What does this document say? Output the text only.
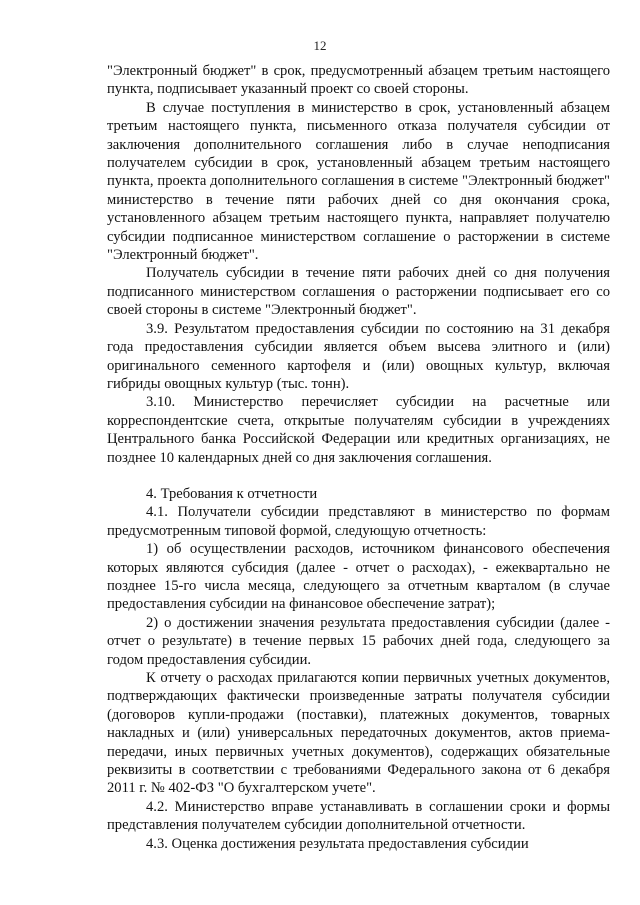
12

"Электронный бюджет" в срок, предусмотренный абзацем третьим настоящего пункта, подписывает указанный проект со своей стороны.

В случае поступления в министерство в срок, установленный абзацем третьим настоящего пункта, письменного отказа получателя субсидии от заключения дополнительного соглашения либо в случае неподписания получателем субсидии в срок, установленный абзацем третьим настоящего пункта, проекта дополнительного соглашения в системе "Электронный бюджет" министерство в течение пяти рабочих дней со дня окончания срока, установленного абзацем третьим настоящего пункта, направляет получателю субсидии подписанное министерством соглашение о расторжении в системе "Электронный бюджет".

Получатель субсидии в течение пяти рабочих дней со дня получения подписанного министерством соглашения о расторжении подписывает его со своей стороны в системе "Электронный бюджет".

3.9. Результатом предоставления субсидии по состоянию на 31 декабря года предоставления субсидии является объем высева элитного и (или) оригинального семенного картофеля и (или) овощных культур, включая гибриды овощных культур (тыс. тонн).

3.10. Министерство перечисляет субсидии на расчетные или корреспондентские счета, открытые получателям субсидии в учреждениях Центрального банка Российской Федерации или кредитных организациях, не позднее 10 календарных дней со дня заключения соглашения.

4. Требования к отчетности

4.1. Получатели субсидии представляют в министерство по формам предусмотренным типовой формой, следующую отчетность:

1) об осуществлении расходов, источником финансового обеспечения которых являются субсидия (далее - отчет о расходах), - ежеквартально не позднее 15-го числа месяца, следующего за отчетным кварталом (в случае предоставления субсидии на финансовое обеспечение затрат);

2) о достижении значения результата предоставления субсидии (далее - отчет о результате) в течение первых 15 рабочих дней года, следующего за годом предоставления субсидии.

К отчету о расходах прилагаются копии первичных учетных документов, подтверждающих фактически произведенные затраты получателя субсидии (договоров купли-продажи (поставки), платежных документов, товарных накладных и (или) универсальных передаточных документов, актов приема-передачи, иных первичных учетных документов), содержащих обязательные реквизиты в соответствии с требованиями Федерального закона от 6 декабря 2011 г. № 402-ФЗ "О бухгалтерском учете".

4.2. Министерство вправе устанавливать в соглашении сроки и формы представления получателем субсидии дополнительной отчетности.

4.3. Оценка достижения результата предоставления субсидии
